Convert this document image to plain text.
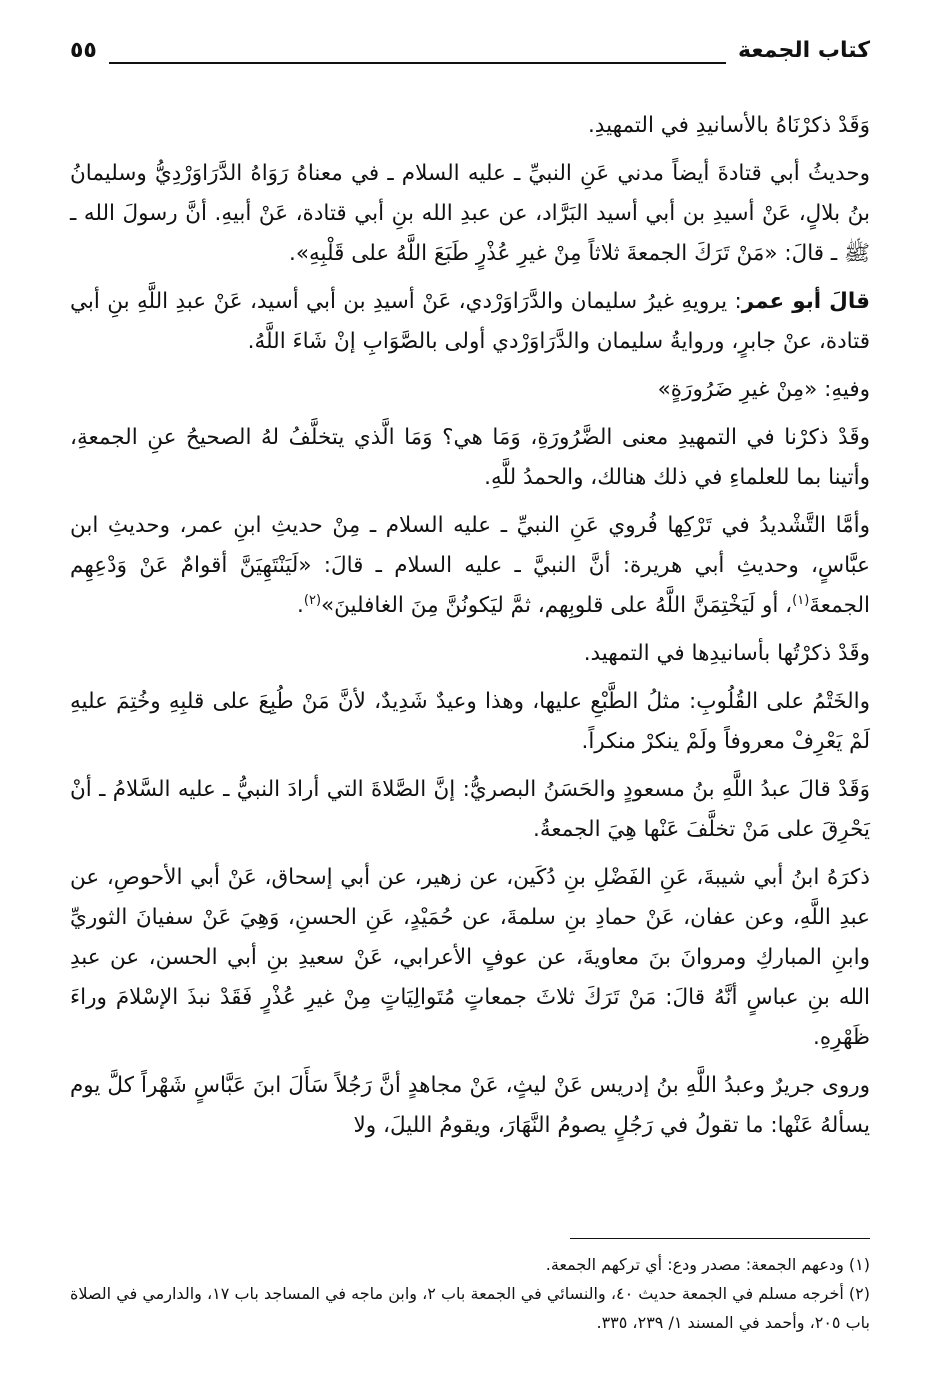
كتاب الجمعة
٥٥

وَقَدْ ذكرْنَاهُ بالأسانيدِ في التمهيدِ.

وحديثُ أبي قتادةَ أيضاً مدني عَنِ النبيِّ ـ عليه السلام ـ في معناهُ رَوَاهُ الدَّرَاوَرْدِيُّ وسليمانُ بنُ بلالٍ، عَنْ أسيدِ بن أبي أسيد البَرَّاد، عن عبدِ الله بنِ أبي قتادة، عَنْ أبيهِ. أنَّ رسولَ الله ـ ﷺ ـ قالَ: «مَنْ تَرَكَ الجمعةَ ثلاثاً مِنْ غيرِ عُذْرٍ طَبَعَ اللَّهُ على قَلْبِهِ».

قالَ أبو عمر: يرويهِ غيرُ سليمان والدَّرَاوَرْدي، عَنْ أسيدِ بن أبي أسيد، عَنْ عبدِ اللَّهِ بنِ أبي قتادة، عنْ جابرٍ، وروايةُ سليمان والدَّرَاوَرْدي أولى بالصَّوَابِ إنْ شَاءَ اللَّهُ.

وفيهِ: «مِنْ غيرِ ضَرُورَةٍ»

وقَدْ ذكرْنا في التمهيدِ معنى الضَّرُورَةِ، وَمَا هي؟ وَمَا الَّذي يتخلَّفُ لهُ الصحيحُ عنِ الجمعةِ، وأتينا بما للعلماءِ في ذلك هنالك، والحمدُ للَّهِ.

وأمَّا التَّشْديدُ في تَرْكِها فُروي عَنِ النبيِّ ـ عليه السلام ـ مِنْ حديثِ ابنِ عمر، وحديثِ ابن عبَّاسٍ، وحديثِ أبي هريرة: أنَّ النبيَّ ـ عليه السلام ـ قالَ: «لَيَنْتَهِيَنَّ أقوامٌ عَنْ وَدْعِهِم الجمعةَ$^{(١)}$، أو لَيَخْتِمَنَّ اللَّهُ على قلوبِهم، ثمَّ ليَكونُنَّ مِنَ الغافلينَ»$^{(٢)}$.

وقَدْ ذكرْتُها بأسانيدِها في التمهيد.

والخَتْمُ على القُلُوبِ: مثلُ الطَّبْعِ عليها، وهذا وعيدٌ شَدِيدٌ، لأنَّ مَنْ طُبِعَ على قلبِهِ وخُتِمَ عليهِ لَمْ يَعْرِفْ معروفاً ولَمْ ينكرْ منكراً.

وَقَدْ قالَ عبدُ اللَّهِ بنُ مسعودٍ والحَسَنُ البصريُّ: إنَّ الصَّلاةَ التي أرادَ النبيُّ ـ عليه السَّلامُ ـ أنْ يَحْرِقَ على مَنْ تخلَّفَ عَنْها هِيَ الجمعةُ.

ذكرَهُ ابنُ أبي شيبةَ، عَنِ الفَضْلِ بنِ دُكَين، عن زهير، عن أبي إسحاق، عَنْ أبي الأحوصِ، عن عبدِ اللَّهِ، وعن عفان، عَنْ حمادِ بنِ سلمةَ، عن حُمَيْدٍ، عَنِ الحسنِ، وَهِيَ عَنْ سفيانَ الثوريِّ وابنِ المباركِ ومروانَ بنَ معاويةَ، عن عوفٍ الأعرابي، عَنْ سعيدِ بنِ أبي الحسن، عن عبدِ الله بنِ عباسٍ أنَّهُ قالَ: مَنْ تَرَكَ ثلاثَ جمعاتٍ مُتَوالِيَاتٍ مِنْ غيرِ عُذْرٍ فَقَدْ نبذَ الإسْلامَ وراءَ ظَهْرِهِ.

وروى جريرٌ وعبدُ اللَّهِ بنُ إدريس عَنْ ليثٍ، عَنْ مجاهدٍ أنَّ رَجُلاً سَأَلَ ابنَ عَبَّاسٍ شَهْراً كلَّ يوم يسألهُ عَنْها: ما تقولُ في رَجُلٍ يصومُ النَّهَارَ، ويقومُ الليلَ، ولا

(١) ودعهم الجمعة: مصدر ودع: أي تركهم الجمعة.

(٢) أخرجه مسلم في الجمعة حديث ٤٠، والنسائي في الجمعة باب ٢، وابن ماجه في المساجد باب ١٧، والدارمي في الصلاة باب ٢٠٥، وأحمد في المسند ١/ ٢٣٩، ٣٣٥.
